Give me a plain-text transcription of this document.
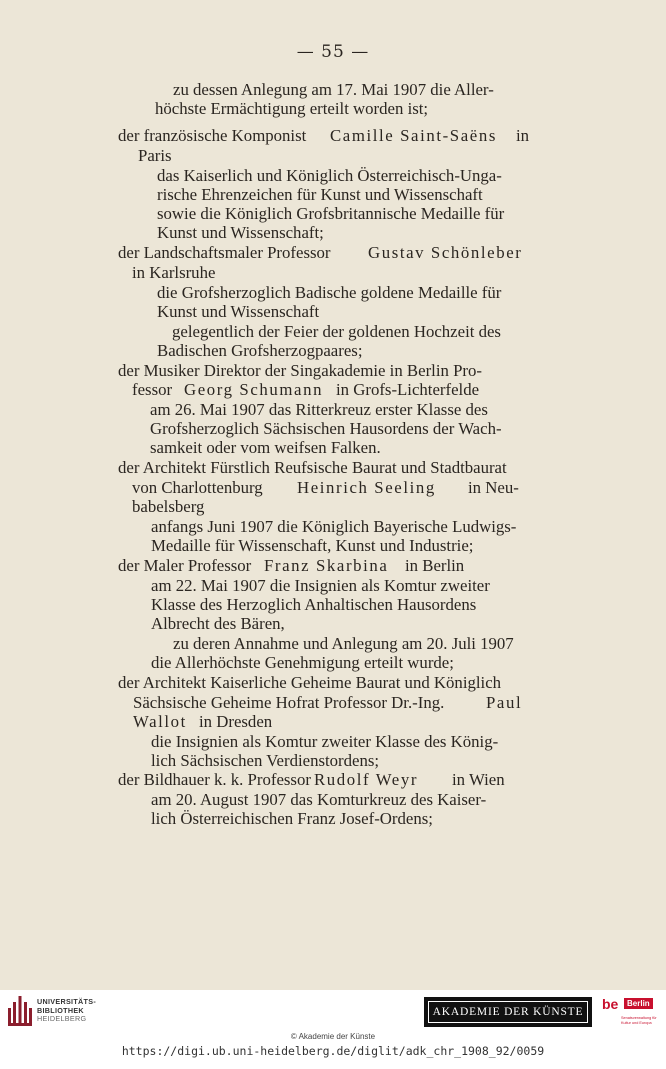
— 55 —
zu dessen Anlegung am 17. Mai 1907 die Aller-
höchste Ermächtigung erteilt worden ist;
der französische Komponist Camille Saint-Saëns in
Paris
das Kaiserlich und Königlich Österreichisch-Unga-
rische Ehrenzeichen für Kunst und Wissenschaft
sowie die Königlich Grofsbritannische Medaille für
Kunst und Wissenschaft;
der Landschaftsmaler Professor Gustav Schönleber
in Karlsruhe
die Grofsherzoglich Badische goldene Medaille für
Kunst und Wissenschaft
gelegentlich der Feier der goldenen Hochzeit des
Badischen Grofsherzogpaares;
der Musiker Direktor der Singakademie in Berlin Pro-
fessor Georg Schumann in Grofs-Lichterfelde
am 26. Mai 1907 das Ritterkreuz erster Klasse des
Grofsherzoglich Sächsischen Hausordens der Wach-
samkeit oder vom weifsen Falken.
der Architekt Fürstlich Reufsische Baurat und Stadtbaurat
von Charlottenburg Heinrich Seeling in Neu-
babelsberg
anfangs Juni 1907 die Königlich Bayerische Ludwigs-
Medaille für Wissenschaft, Kunst und Industrie;
der Maler Professor Franz Skarbina in Berlin
am 22. Mai 1907 die Insignien als Komtur zweiter
Klasse des Herzoglich Anhaltischen Hausordens
Albrecht des Bären,
zu deren Annahme und Anlegung am 20. Juli 1907
die Allerhöchste Genehmigung erteilt wurde;
der Architekt Kaiserliche Geheime Baurat und Königlich
Sächsische Geheime Hofrat Professor Dr.-Ing. Paul
Wallot in Dresden
die Insignien als Komtur zweiter Klasse des König-
lich Sächsischen Verdienstordens;
der Bildhauer k. k. Professor Rudolf Weyr in Wien
am 20. August 1907 das Komturkreuz des Kaiser-
lich Österreichischen Franz Josef-Ordens;
UNIVERSITÄTS-
BIBLIOTHEK
HEIDELBERG
AKADEMIE DER KÜNSTE	be	Berlin
Senatsverwaltung für Kultur und Europa
© Akademie der Künste
https://digi.ub.uni-heidelberg.de/diglit/adk_chr_1908_92/0059
